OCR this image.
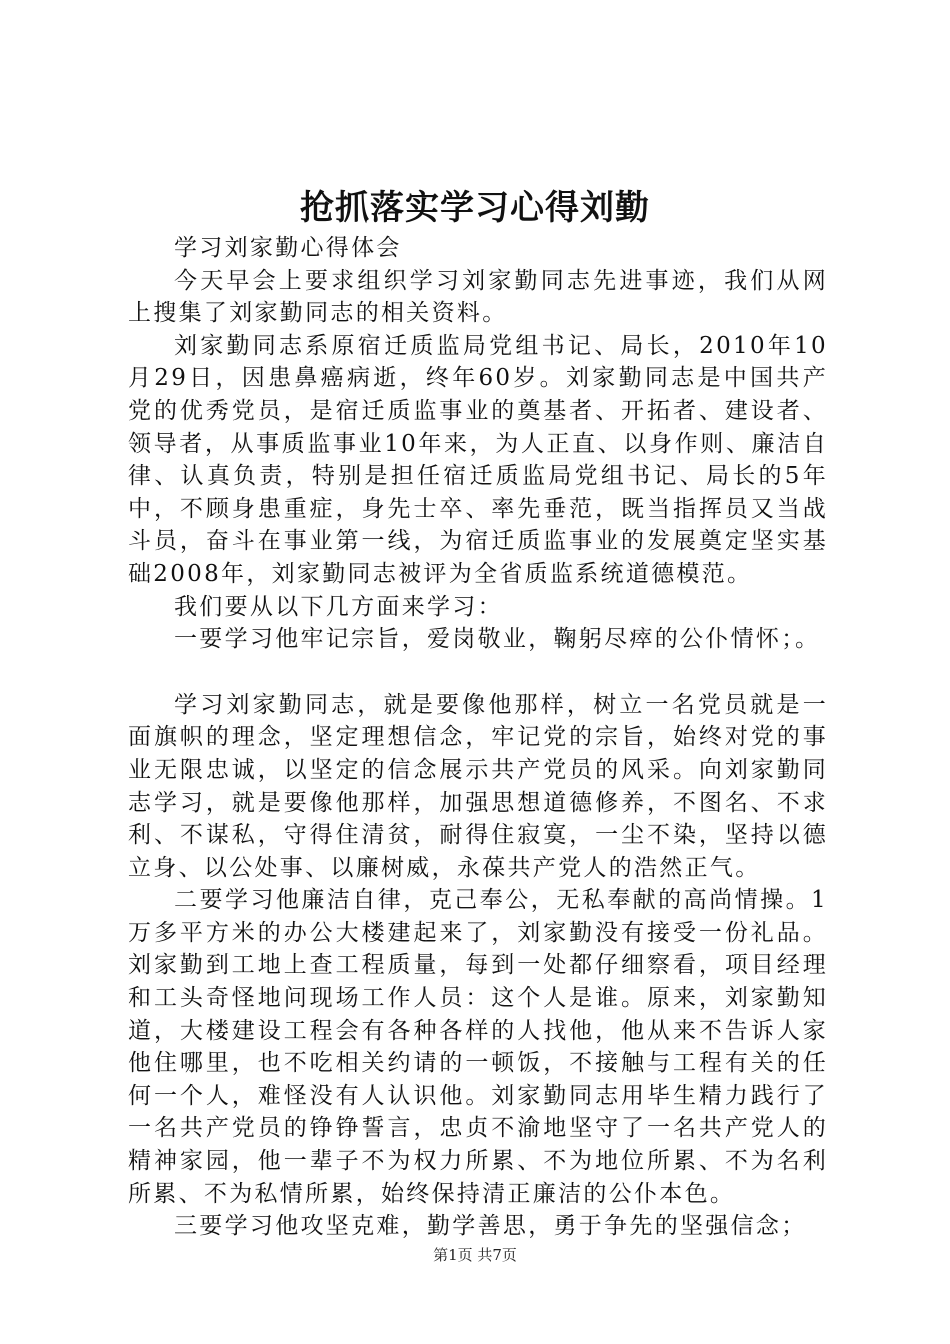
抢抓落实学习心得刘勤

学习刘家勤心得体会

今天早会上要求组织学习刘家勤同志先进事迹，我们从网上搜集了刘家勤同志的相关资料。

刘家勤同志系原宿迁质监局党组书记、局长，2010年10月29日，因患鼻癌病逝，终年60岁。刘家勤同志是中国共产党的优秀党员，是宿迁质监事业的奠基者、开拓者、建设者、领导者，从事质监事业10年来，为人正直、以身作则、廉洁自律、认真负责，特别是担任宿迁质监局党组书记、局长的5年中，不顾身患重症，身先士卒、率先垂范，既当指挥员又当战斗员，奋斗在事业第一线，为宿迁质监事业的发展奠定坚实基础2008年，刘家勤同志被评为全省质监系统道德模范。

我们要从以下几方面来学习：

一要学习他牢记宗旨，爱岗敬业，鞠躬尽瘁的公仆情怀；。

学习刘家勤同志，就是要像他那样，树立一名党员就是一面旗帜的理念，坚定理想信念，牢记党的宗旨，始终对党的事业无限忠诚，以坚定的信念展示共产党员的风采。向刘家勤同志学习，就是要像他那样，加强思想道德修养，不图名、不求利、不谋私，守得住清贫，耐得住寂寞，一尘不染，坚持以德立身、以公处事、以廉树威，永葆共产党人的浩然正气。

二要学习他廉洁自律，克己奉公，无私奉献的高尚情操。1万多平方米的办公大楼建起来了，刘家勤没有接受一份礼品。刘家勤到工地上查工程质量，每到一处都仔细察看，项目经理和工头奇怪地问现场工作人员：这个人是谁。原来，刘家勤知道，大楼建设工程会有各种各样的人找他，他从来不告诉人家他住哪里，也不吃相关约请的一顿饭，不接触与工程有关的任何一个人，难怪没有人认识他。刘家勤同志用毕生精力践行了一名共产党员的铮铮誓言，忠贞不渝地坚守了一名共产党人的精神家园，他一辈子不为权力所累、不为地位所累、不为名利所累、不为私情所累，始终保持清正廉洁的公仆本色。

三要学习他攻坚克难，勤学善思，勇于争先的坚强信念；

第1页 共7页
